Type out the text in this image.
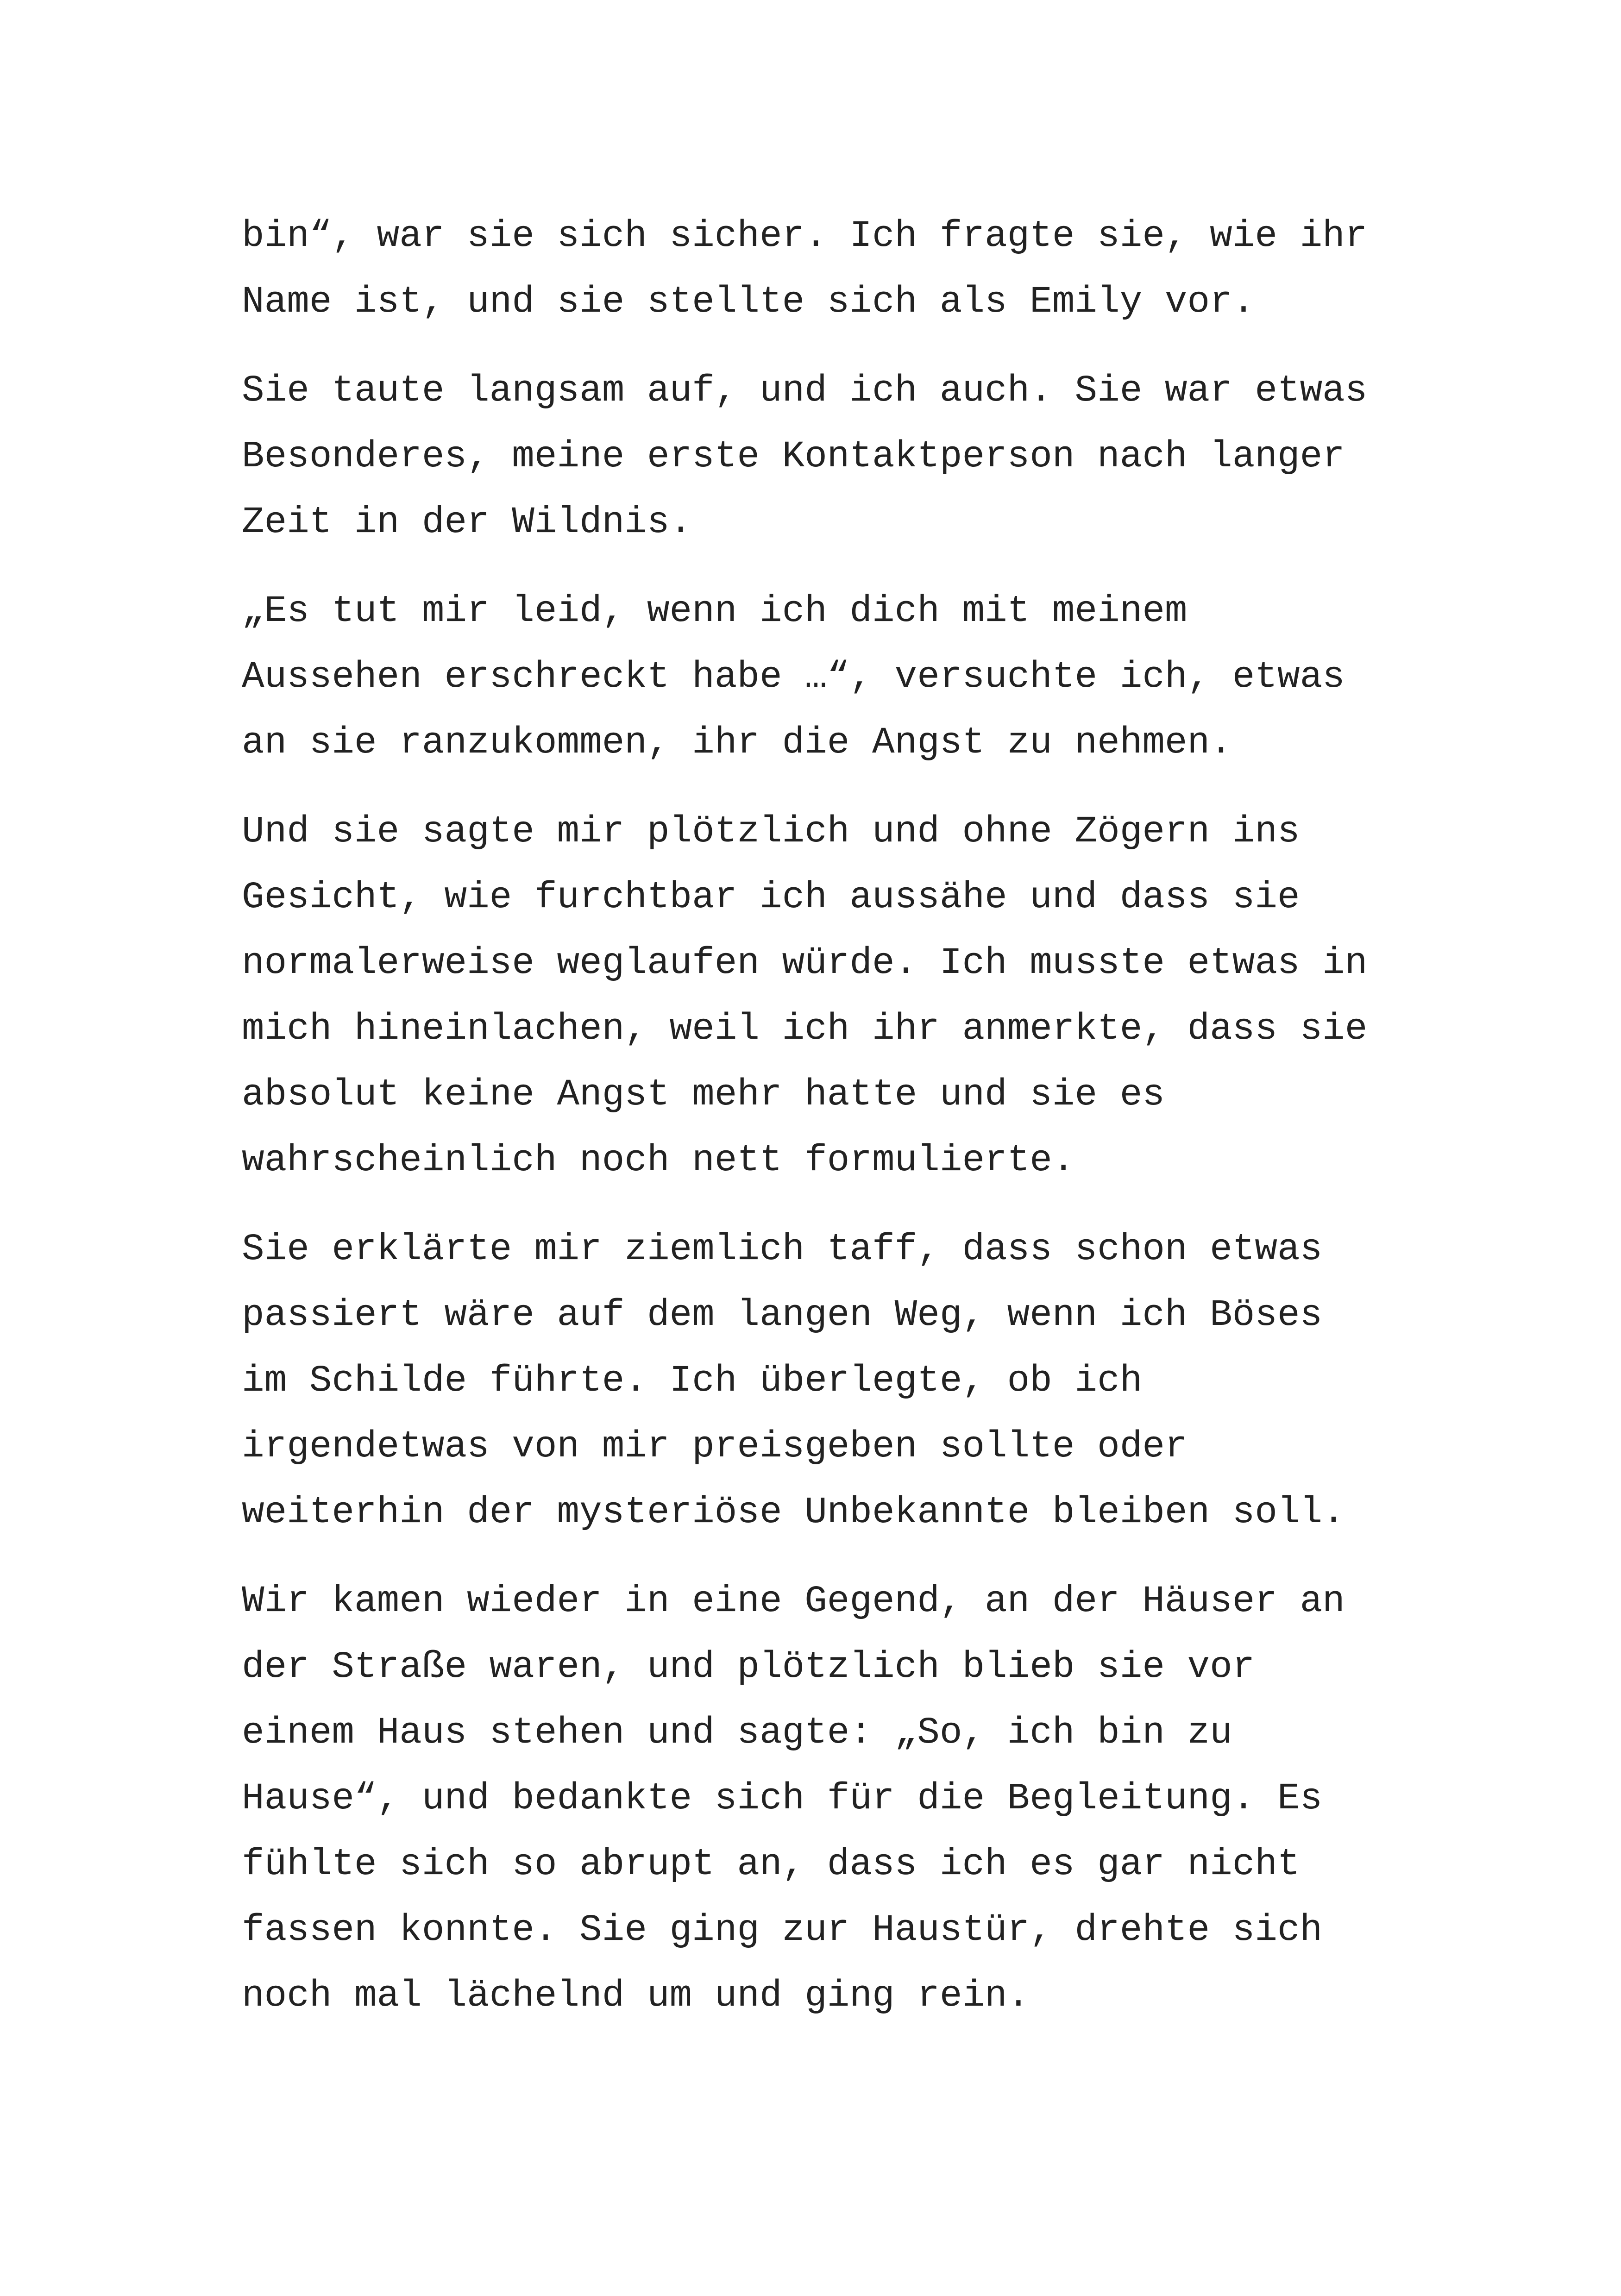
bin“, war sie sich sicher. Ich fragte sie, wie ihr
Name ist, und sie stellte sich als Emily vor.

Sie taute langsam auf, und ich auch. Sie war etwas
Besonderes, meine erste Kontaktperson nach langer
Zeit in der Wildnis.

„Es tut mir leid, wenn ich dich mit meinem
Aussehen erschreckt habe …“, versuchte ich, etwas
an sie ranzukommen, ihr die Angst zu nehmen.

Und sie sagte mir plötzlich und ohne Zögern ins
Gesicht, wie furchtbar ich aussähe und dass sie
normalerweise weglaufen würde. Ich musste etwas in
mich hineinlachen, weil ich ihr anmerkte, dass sie
absolut keine Angst mehr hatte und sie es
wahrscheinlich noch nett formulierte.

Sie erklärte mir ziemlich taff, dass schon etwas
passiert wäre auf dem langen Weg, wenn ich Böses
im Schilde führte. Ich überlegte, ob ich
irgendetwas von mir preisgeben sollte oder
weiterhin der mysteriöse Unbekannte bleiben soll.

Wir kamen wieder in eine Gegend, an der Häuser an
der Straße waren, und plötzlich blieb sie vor
einem Haus stehen und sagte: „So, ich bin zu
Hause“, und bedankte sich für die Begleitung. Es
fühlte sich so abrupt an, dass ich es gar nicht
fassen konnte. Sie ging zur Haustür, drehte sich
noch mal lächelnd um und ging rein.
